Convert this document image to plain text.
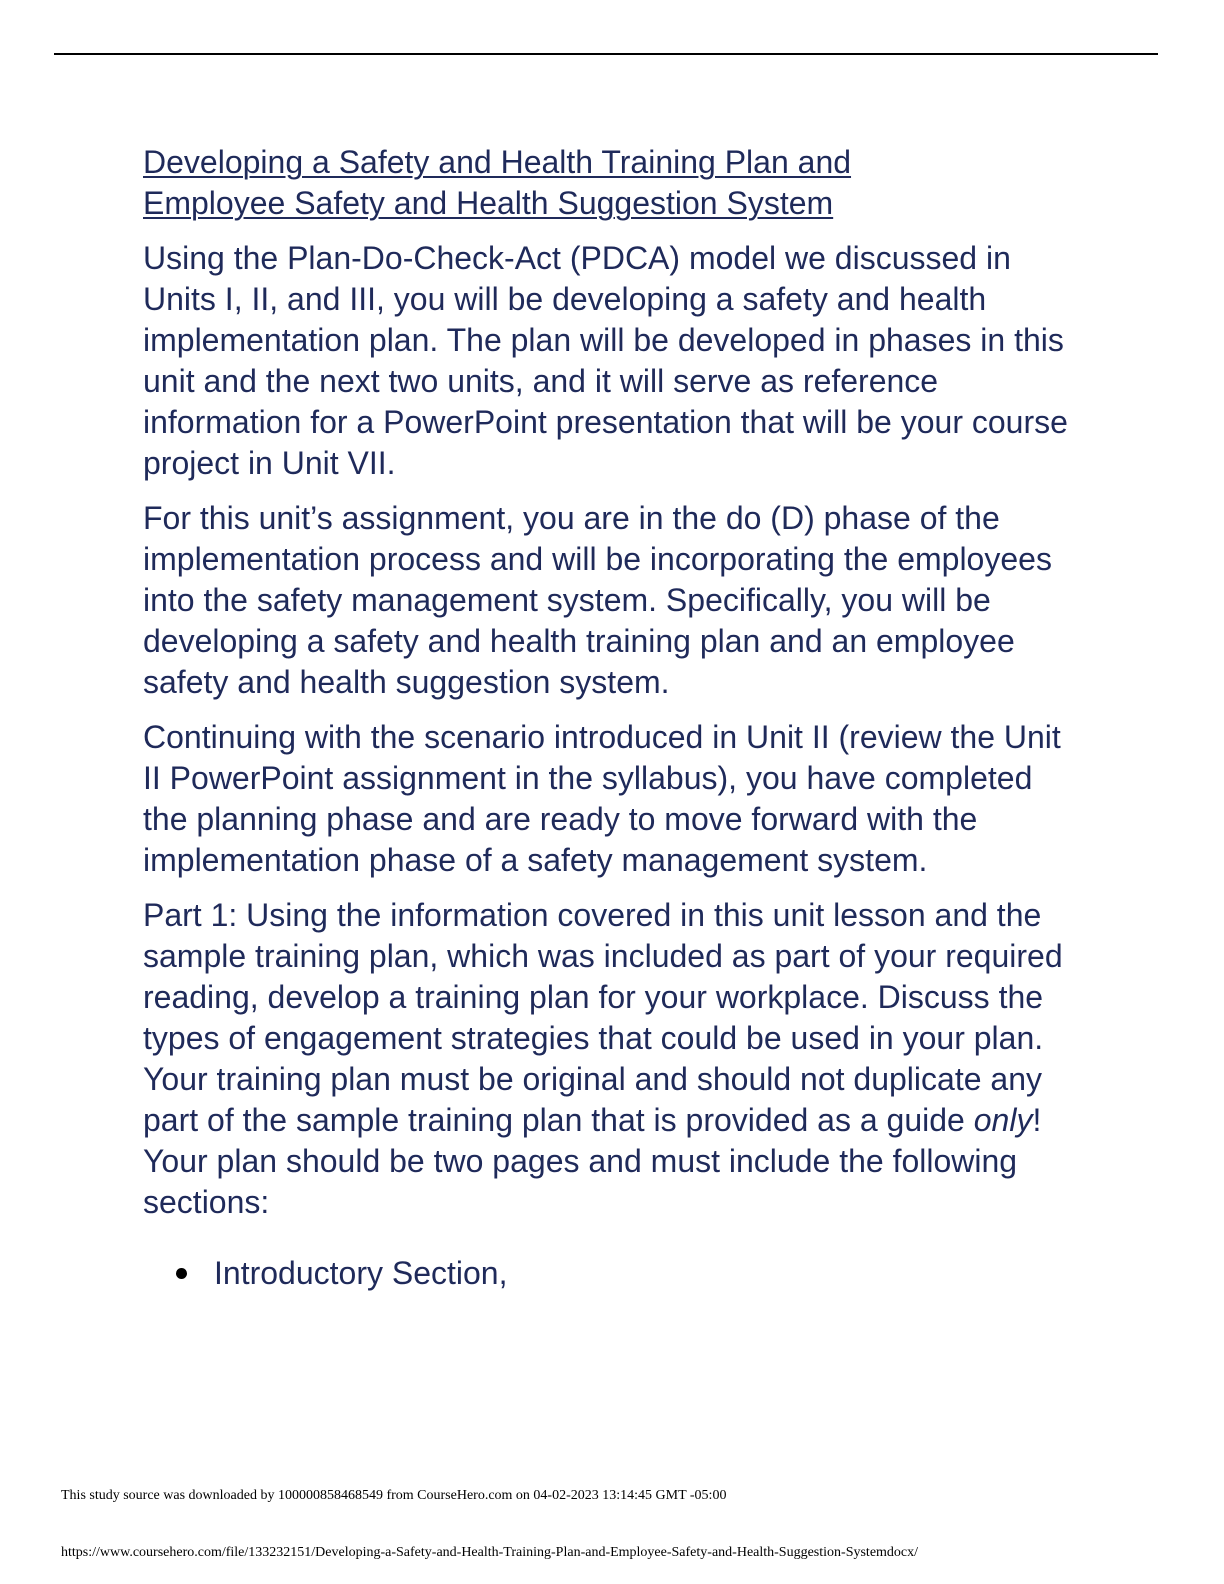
Developing a Safety and Health Training Plan and
Employee Safety and Health Suggestion System

Using the Plan-Do-Check-Act (PDCA) model we discussed in Units I, II, and III, you will be developing a safety and health implementation plan. The plan will be developed in phases in this unit and the next two units, and it will serve as reference information for a PowerPoint presentation that will be your course project in Unit VII.

For this unit’s assignment, you are in the do (D) phase of the implementation process and will be incorporating the employees into the safety management system. Specifically, you will be developing a safety and health training plan and an employee safety and health suggestion system.

Continuing with the scenario introduced in Unit II (review the Unit II PowerPoint assignment in the syllabus), you have completed the planning phase and are ready to move forward with the implementation phase of a safety management system.

Part 1: Using the information covered in this unit lesson and the sample training plan, which was included as part of your required reading, develop a training plan for your workplace. Discuss the types of engagement strategies that could be used in your plan. Your training plan must be original and should not duplicate any part of the sample training plan that is provided as a guide only! Your plan should be two pages and must include the following sections:

Introductory Section,
This study source was downloaded by 100000858468549 from CourseHero.com on 04-02-2023 13:14:45 GMT -05:00
https://www.coursehero.com/file/133232151/Developing-a-Safety-and-Health-Training-Plan-and-Employee-Safety-and-Health-Suggestion-Systemdocx/
